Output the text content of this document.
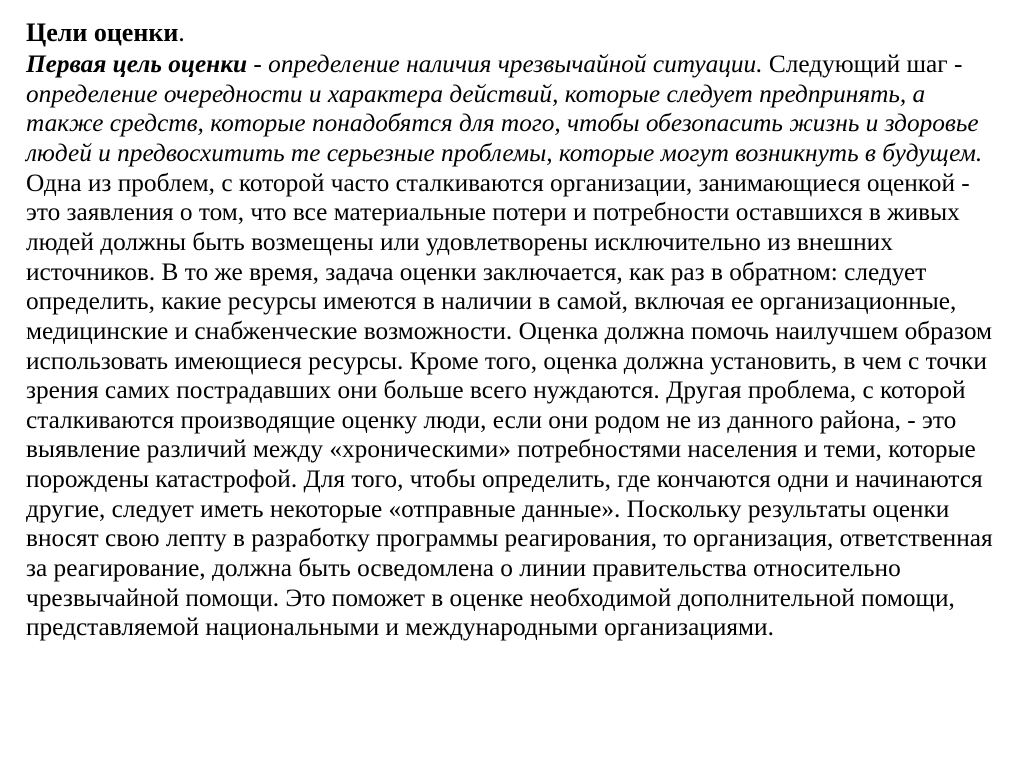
Цели оценки.

Первая цель оценки - определение наличия чрезвычайной ситуации. Следующий шаг - определение очередности и характера действий, которые следует предпринять, а также средств, которые понадобятся для того, чтобы обезопасить жизнь и здоровье людей и предвосхитить те серьезные проблемы, которые могут возникнуть в будущем. Одна из проблем, с которой часто сталкиваются организации, занимающиеся оценкой - это заявления о том, что все материальные потери и потребности оставшихся в живых людей должны быть возмещены или удовлетворены исключительно из внешних источников. В то же время, задача оценки заключается, как раз в обратном: следует определить, какие ресурсы имеются в наличии в самой, включая ее организационные, медицинские и снабженческие возможности. Оценка должна помочь наилучшем образом использовать имеющиеся ресурсы. Кроме того, оценка должна установить, в чем с точки зрения самих пострадавших они больше всего нуждаются. Другая проблема, с которой сталкиваются производящие оценку люди, если они родом не из данного района, - это выявление различий между «хроническими» потребностями населения и теми, которые порождены катастрофой. Для того, чтобы определить, где кончаются одни и начинаются другие, следует иметь некоторые «отправные данные». Поскольку результаты оценки вносят свою лепту в разработку программы реагирования, то организация, ответственная за реагирование, должна быть осведомлена о линии правительства относительно чрезвычайной помощи. Это поможет в оценке необходимой дополнительной помощи, представляемой национальными и международными организациями.
